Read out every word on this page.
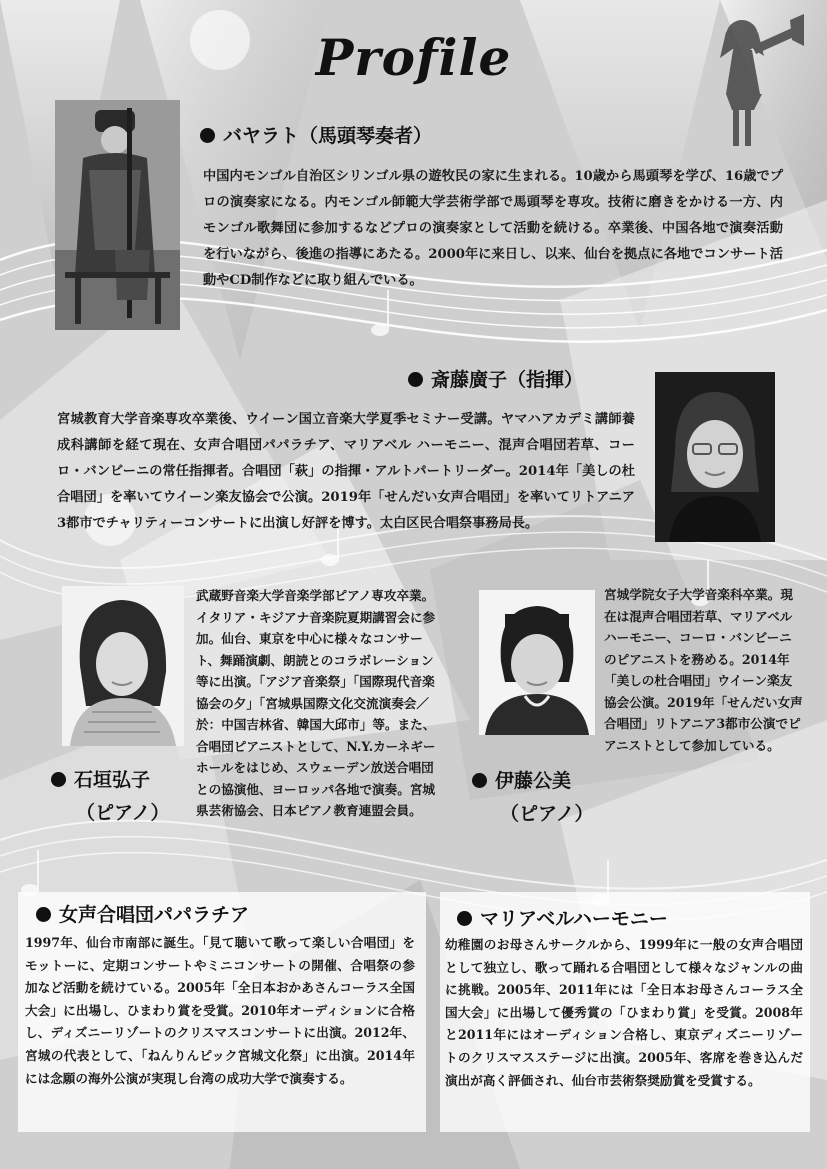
Profile
バヤラト（馬頭琴奏者）
中国内モンゴル自治区シリンゴル県の遊牧民の家に生まれる。10歳から馬頭琴を学び、16歳でプロの演奏家になる。内モンゴル師範大学芸術学部で馬頭琴を専攻。技術に磨きをかける一方、内モンゴル歌舞団に参加するなどプロの演奏家として活動を続ける。卒業後、中国各地で演奏活動を行いながら、後進の指導にあたる。2000年に来日し、以来、仙台を拠点に各地でコンサート活動やCD制作などに取り組んでいる。
斎藤廣子（指揮）
宮城教育大学音楽専攻卒業後、ウイーン国立音楽大学夏季セミナー受講。ヤマハアカデミ講師養成科講師を経て現在、女声合唱団パパラチア、マリアベル ハーモニー、混声合唱団若草、コーロ・バンビーニの常任指揮者。合唱団「萩」の指揮・アルトパートリーダー。2014年「美しの杜合唱団」を率いてウイーン楽友協会で公演。2019年「せんだい女声合唱団」を率いてリトアニア3都市でチャリティーコンサートに出演し好評を博す。太白区民合唱祭事務局長。
石垣弘子
（ピアノ）
武蔵野音楽大学音楽学部ピアノ専攻卒業。イタリア・キジアナ音楽院夏期講習会に参加。仙台、東京を中心に様々なコンサート、舞踊演劇、朗読とのコラボレーション等に出演。「アジア音楽祭」「国際現代音楽協会の夕」「宮城県国際文化交流演奏会／於：中国吉林省、韓国大邱市」等。また、合唱団ピアニストとして、N.Y.カーネギーホールをはじめ、スウェーデン放送合唱団との協演他、ヨーロッパ各地で演奏。宮城県芸術協会、日本ピアノ教育連盟会員。
伊藤公美
（ピアノ）
宮城学院女子大学音楽科卒業。現在は混声合唱団若草、マリアベルハーモニー、コーロ・バンビーニのピアニストを務める。2014年「美しの杜合唱団」ウイーン楽友協会公演。2019年「せんだい女声合唱団」リトアニア3都市公演でピアニストとして参加している。
女声合唱団パパラチア
1997年、仙台市南部に誕生。「見て聴いて歌って楽しい合唱団」をモットーに、定期コンサートやミニコンサートの開催、合唱祭の参加など活動を続けている。2005年「全日本おかあさんコーラス全国大会」に出場し、ひまわり賞を受賞。2010年オーディションに合格し、ディズニーリゾートのクリスマスコンサートに出演。2012年、宮城の代表として、「ねんりんピック宮城文化祭」に出演。2014年には念願の海外公演が実現し台湾の成功大学で演奏する。
マリアベルハーモニー
幼稚園のお母さんサークルから、1999年に一般の女声合唱団として独立し、歌って踊れる合唱団として様々なジャンルの曲に挑戦。2005年、2011年には「全日本お母さんコーラス全国大会」に出場して優秀賞の「ひまわり賞」を受賞。2008年と2011年にはオーディション合格し、東京ディズニーリゾートのクリスマスステージに出演。2005年、客席を巻き込んだ演出が高く評価され、仙台市芸術祭奨励賞を受賞する。
